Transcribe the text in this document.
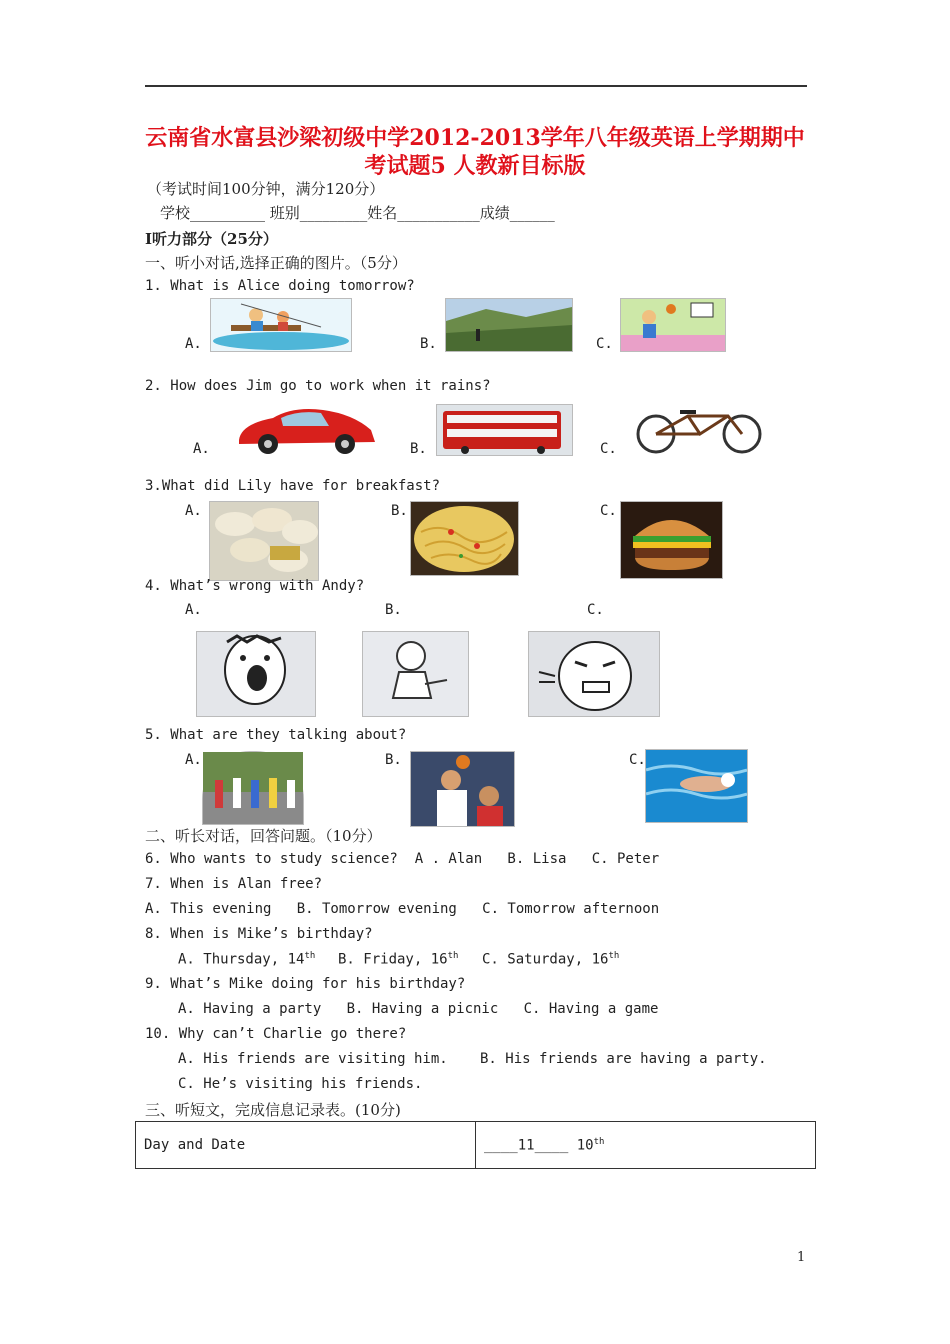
云南省水富县沙梁初级中学2012-2013学年八年级英语上学期期中
考试题5 人教新目标版
（考试时间100分钟，满分120分）
学校__________ 班别_________姓名___________成绩______
I听力部分（25分）
一、听小对话,选择正确的图片。（5分）
1. What is Alice doing tomorrow?
A.	B.	C.
2. How does Jim go to work when it rains?
A.	B.	C.
3.What did Lily have for breakfast?
A.	B.	C.
4. What’s wrong with Andy?
A.	B.	C.
5. What are they talking about?
A.	B.	C.
二、听长对话，回答问题。（10分）
6. Who wants to study science?  A . Alan   B. Lisa   C. Peter
7. When is Alan free?
A. This evening   B. Tomorrow evening   C. Tomorrow afternoon
8. When is Mike’s birthday?
A. Thursday, 14th B. Friday, 16th C. Saturday, 16th
9. What’s Mike doing for his birthday?
A. Having a party   B. Having a picnic   C. Having a game
10. Why can’t Charlie go there?
A. His friends are visiting him. B. His friends are having a party.
C. He’s visiting his friends.
三、听短文，完成信息记录表。(10分)
Day and Date	____11____ 10th
1
